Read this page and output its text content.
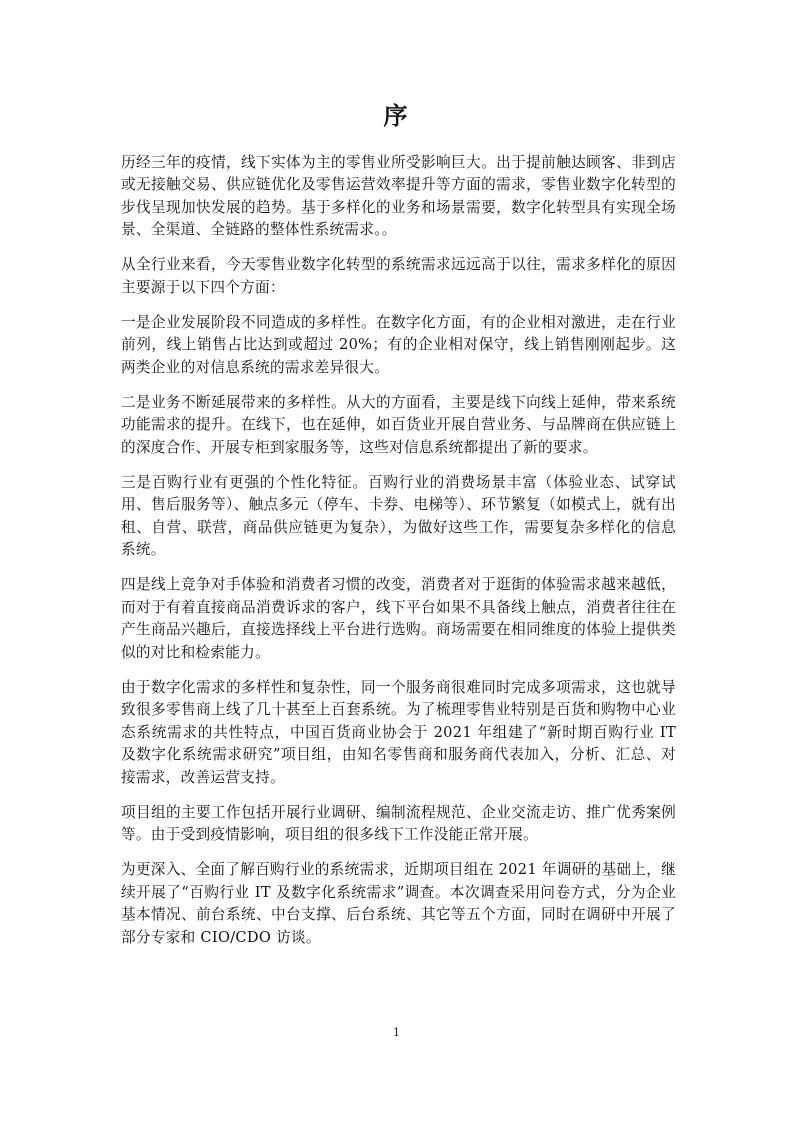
序

历经三年的疫情，线下实体为主的零售业所受影响巨大。出于提前触达顾客、非到店或无接触交易、供应链优化及零售运营效率提升等方面的需求，零售业数字化转型的步伐呈现加快发展的趋势。基于多样化的业务和场景需要，数字化转型具有实现全场景、全渠道、全链路的整体性系统需求。。

从全行业来看，今天零售业数字化转型的系统需求远远高于以往，需求多样化的原因主要源于以下四个方面：

一是企业发展阶段不同造成的多样性。在数字化方面，有的企业相对激进，走在行业前列，线上销售占比达到或超过 20%；有的企业相对保守，线上销售刚刚起步。这两类企业的对信息系统的需求差异很大。

二是业务不断延展带来的多样性。从大的方面看，主要是线下向线上延伸，带来系统功能需求的提升。在线下，也在延伸，如百货业开展自营业务、与品牌商在供应链上的深度合作、开展专柜到家服务等，这些对信息系统都提出了新的要求。

三是百购行业有更强的个性化特征。百购行业的消费场景丰富（体验业态、试穿试用、售后服务等）、触点多元（停车、卡券、电梯等）、环节繁复（如模式上，就有出租、自营、联营，商品供应链更为复杂），为做好这些工作，需要复杂多样化的信息系统。

四是线上竞争对手体验和消费者习惯的改变，消费者对于逛街的体验需求越来越低，而对于有着直接商品消费诉求的客户，线下平台如果不具备线上触点，消费者往往在产生商品兴趣后，直接选择线上平台进行选购。商场需要在相同维度的体验上提供类似的对比和检索能力。

由于数字化需求的多样性和复杂性，同一个服务商很难同时完成多项需求，这也就导致很多零售商上线了几十甚至上百套系统。为了梳理零售业特别是百货和购物中心业态系统需求的共性特点，中国百货商业协会于 2021 年组建了“新时期百购行业 IT 及数字化系统需求研究”项目组，由知名零售商和服务商代表加入，分析、汇总、对接需求，改善运营支持。

项目组的主要工作包括开展行业调研、编制流程规范、企业交流走访、推广优秀案例等。由于受到疫情影响，项目组的很多线下工作没能正常开展。

为更深入、全面了解百购行业的系统需求，近期项目组在 2021 年调研的基础上，继续开展了“百购行业 IT 及数字化系统需求”调查。本次调查采用问卷方式，分为企业基本情况、前台系统、中台支撑、后台系统、其它等五个方面，同时在调研中开展了部分专家和 CIO/CDO 访谈。

1
